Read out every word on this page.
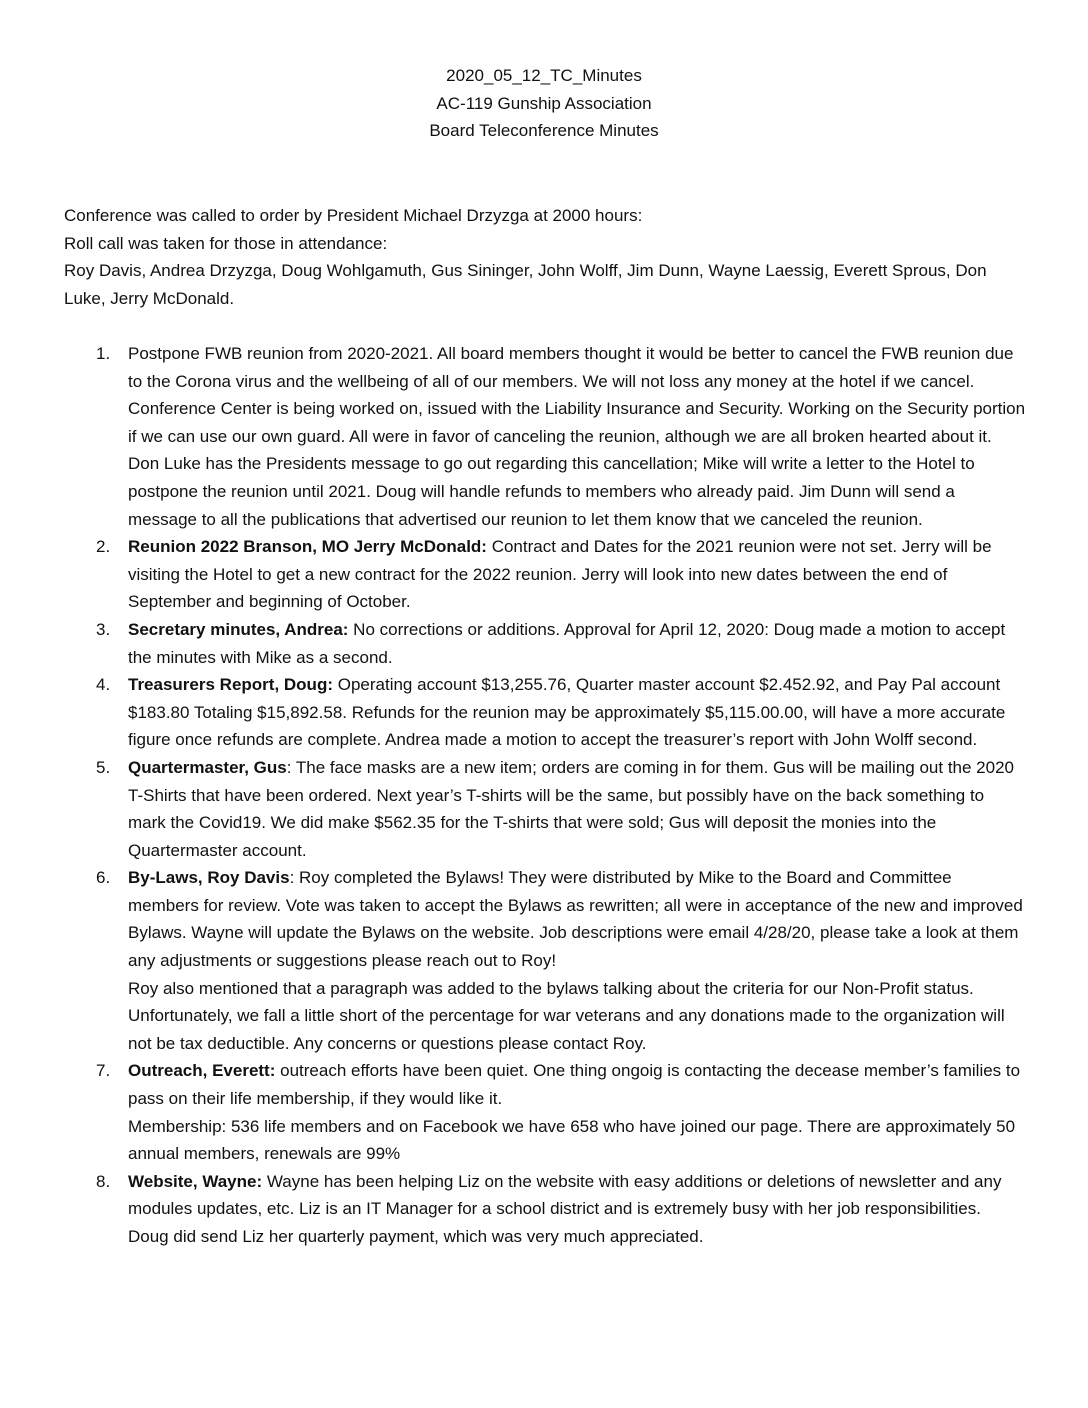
2020_05_12_TC_Minutes
AC-119 Gunship Association
Board Teleconference Minutes

Conference was called to order by President Michael Drzyzga at 2000 hours:

Roll call was taken for those in attendance:

Roy Davis, Andrea Drzyzga, Doug Wohlgamuth, Gus Sininger, John Wolff, Jim Dunn, Wayne Laessig, Everett Sprous, Don Luke, Jerry McDonald.

1. Postpone FWB reunion from 2020-2021. All board members thought it would be better to cancel the FWB reunion due to the Corona virus and the wellbeing of all of our members. We will not loss any money at the hotel if we cancel. Conference Center is being worked on, issued with the Liability Insurance and Security. Working on the Security portion if we can use our own guard. All were in favor of canceling the reunion, although we are all broken hearted about it. Don Luke has the Presidents message to go out regarding this cancellation; Mike will write a letter to the Hotel to postpone the reunion until 2021. Doug will handle refunds to members who already paid. Jim Dunn will send a message to all the publications that advertised our reunion to let them know that we canceled the reunion.

2. Reunion 2022 Branson, MO Jerry McDonald: Contract and Dates for the 2021 reunion were not set. Jerry will be visiting the Hotel to get a new contract for the 2022 reunion. Jerry will look into new dates between the end of September and beginning of October.

3. Secretary minutes, Andrea: No corrections or additions. Approval for April 12, 2020: Doug made a motion to accept the minutes with Mike as a second.

4. Treasurers Report, Doug: Operating account $13,255.76, Quarter master account $2.452.92, and Pay Pal account $183.80 Totaling $15,892.58. Refunds for the reunion may be approximately $5,115.00.00, will have a more accurate figure once refunds are complete. Andrea made a motion to accept the treasurer’s report with John Wolff second.

5. Quartermaster, Gus: The face masks are a new item; orders are coming in for them. Gus will be mailing out the 2020 T-Shirts that have been ordered. Next year’s T-shirts will be the same, but possibly have on the back something to mark the Covid19. We did make $562.35 for the T-shirts that were sold; Gus will deposit the monies into the Quartermaster account.

6. By-Laws, Roy Davis: Roy completed the Bylaws! They were distributed by Mike to the Board and Committee members for review. Vote was taken to accept the Bylaws as rewritten; all were in acceptance of the new and improved Bylaws. Wayne will update the Bylaws on the website. Job descriptions were email 4/28/20, please take a look at them any adjustments or suggestions please reach out to Roy!

Roy also mentioned that a paragraph was added to the bylaws talking about the criteria for our Non-Profit status. Unfortunately, we fall a little short of the percentage for war veterans and any donations made to the organization will not be tax deductible. Any concerns or questions please contact Roy.

7. Outreach, Everett: outreach efforts have been quiet. One thing ongoig is contacting the decease member’s families to pass on their life membership, if they would like it.

Membership: 536 life members and on Facebook we have 658 who have joined our page. There are approximately 50 annual members, renewals are 99%

8. Website, Wayne: Wayne has been helping Liz on the website with easy additions or deletions of newsletter and any modules updates, etc. Liz is an IT Manager for a school district and is extremely busy with her job responsibilities. Doug did send Liz her quarterly payment, which was very much appreciated.
